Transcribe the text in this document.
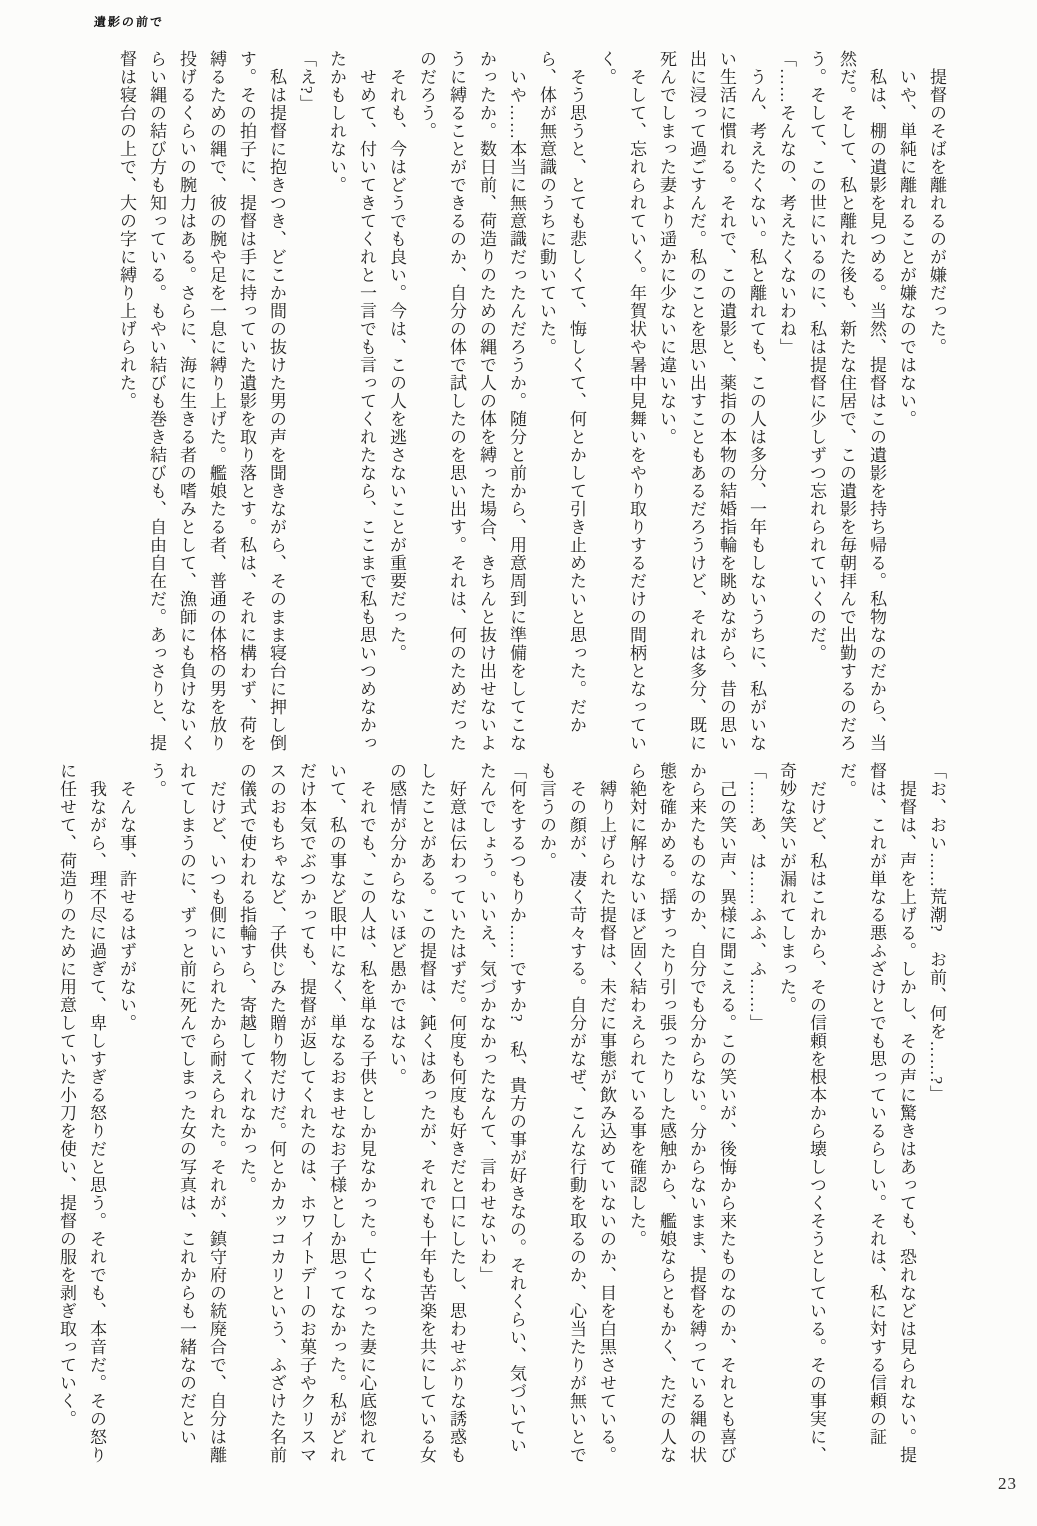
遺影の前で

　提督のそばを離れるのが嫌だった。

　いや、単純に離れることが嫌なのではない。

　私は、棚の遺影を見つめる。当然、提督はこの遺影を持ち帰る。私物なのだから、当然だ。そして、私と離れた後も、新たな住居で、この遺影を毎朝拝んで出勤するのだろう。そして、この世にいるのに、私は提督に少しずつ忘れられていくのだ。

「……そんなの、考えたくないわね」

　うん、考えたくない。私と離れても、この人は多分、一年もしないうちに、私がいない生活に慣れる。それで、この遺影と、薬指の本物の結婚指輪を眺めながら、昔の思い出に浸って過ごすんだ。私のことを思い出すこともあるだろうけど、それは多分、既に死んでしまった妻より遥かに少ないに違いない。

　そして、忘れられていく。年賀状や暑中見舞いをやり取りするだけの間柄となっていく。

　そう思うと、とても悲しくて、悔しくて、何とかして引き止めたいと思った。だから、体が無意識のうちに動いていた。

　いや……本当に無意識だったんだろうか。随分と前から、用意周到に準備をしてこなかったか。数日前、荷造りのための縄で人の体を縛った場合、きちんと抜け出せないように縛ることができるのか、自分の体で試したのを思い出す。それは、何のためだったのだろう。

　それも、今はどうでも良い。今は、この人を逃さないことが重要だった。

　せめて、付いてきてくれと一言でも言ってくれたなら、ここまで私も思いつめなかったかもしれない。

「え?」

　私は提督に抱きつき、どこか間の抜けた男の声を聞きながら、そのまま寝台に押し倒す。その拍子に、提督は手に持っていた遺影を取り落とす。私は、それに構わず、荷を縛るための縄で、彼の腕や足を一息に縛り上げた。艦娘たる者、普通の体格の男を放り投げるくらいの腕力はある。さらに、海に生きる者の嗜みとして、漁師にも負けないくらい縄の結び方も知っている。もやい結びも巻き結びも、自由自在だ。あっさりと、提督は寝台の上で、大の字に縛り上げられた。

「お、おい……荒潮?　お前、何を……?」

　提督は、声を上げる。しかし、その声に驚きはあっても、恐れなどは見られない。提督は、これが単なる悪ふざけとでも思っているらしい。それは、私に対する信頼の証だ。

　だけど、私はこれから、その信頼を根本から壊しつくそうとしている。その事実に、奇妙な笑いが漏れてしまった。

「……あ、は……ふふ、ふ……」

　己の笑い声、異様に聞こえる。この笑いが、後悔から来たものなのか、それとも喜びから来たものなのか、自分でも分からない。分からないまま、提督を縛っている縄の状態を確かめる。揺すったり引っ張ったりした感触から、艦娘ならともかく、ただの人なら絶対に解けないほど固く結わえられている事を確認した。

　縛り上げられた提督は、未だに事態が飲み込めていないのか、目を白黒させている。

　その顔が、凄く苛々する。自分がなぜ、こんな行動を取るのか、心当たりが無いとでも言うのか。

「何をするつもりか……ですか?　私、貴方の事が好きなの。それくらい、気づいていたんでしょう。いいえ、気づかなかったなんて、言わせないわ」

　好意は伝わっていたはずだ。何度も何度も好きだと口にしたし、思わせぶりな誘惑もしたことがある。この提督は、鈍くはあったが、それでも十年も苦楽を共にしている女の感情が分からないほど愚かではない。

　それでも、この人は、私を単なる子供としか見なかった。亡くなった妻に心底惚れていて、私の事など眼中になく、単なるおませなお子様としか思ってなかった。私がどれだけ本気でぶつかっても、提督が返してくれたのは、ホワイトデーのお菓子やクリスマスのおもちゃなど、子供じみた贈り物だけだ。何とかカッコカリという、ふざけた名前の儀式で使われる指輪すら、寄越してくれなかった。

　だけど、いつも側にいられたから耐えられた。それが、鎮守府の統廃合で、自分は離れてしまうのに、ずっと前に死んでしまった女の写真は、これからも一緒なのだという。

　そんな事、許せるはずがない。

　我ながら、理不尽に過ぎて、卑しすぎる怒りだと思う。それでも、本音だ。その怒りに任せて、荷造りのために用意していた小刀を使い、提督の服を剥ぎ取っていく。

23
